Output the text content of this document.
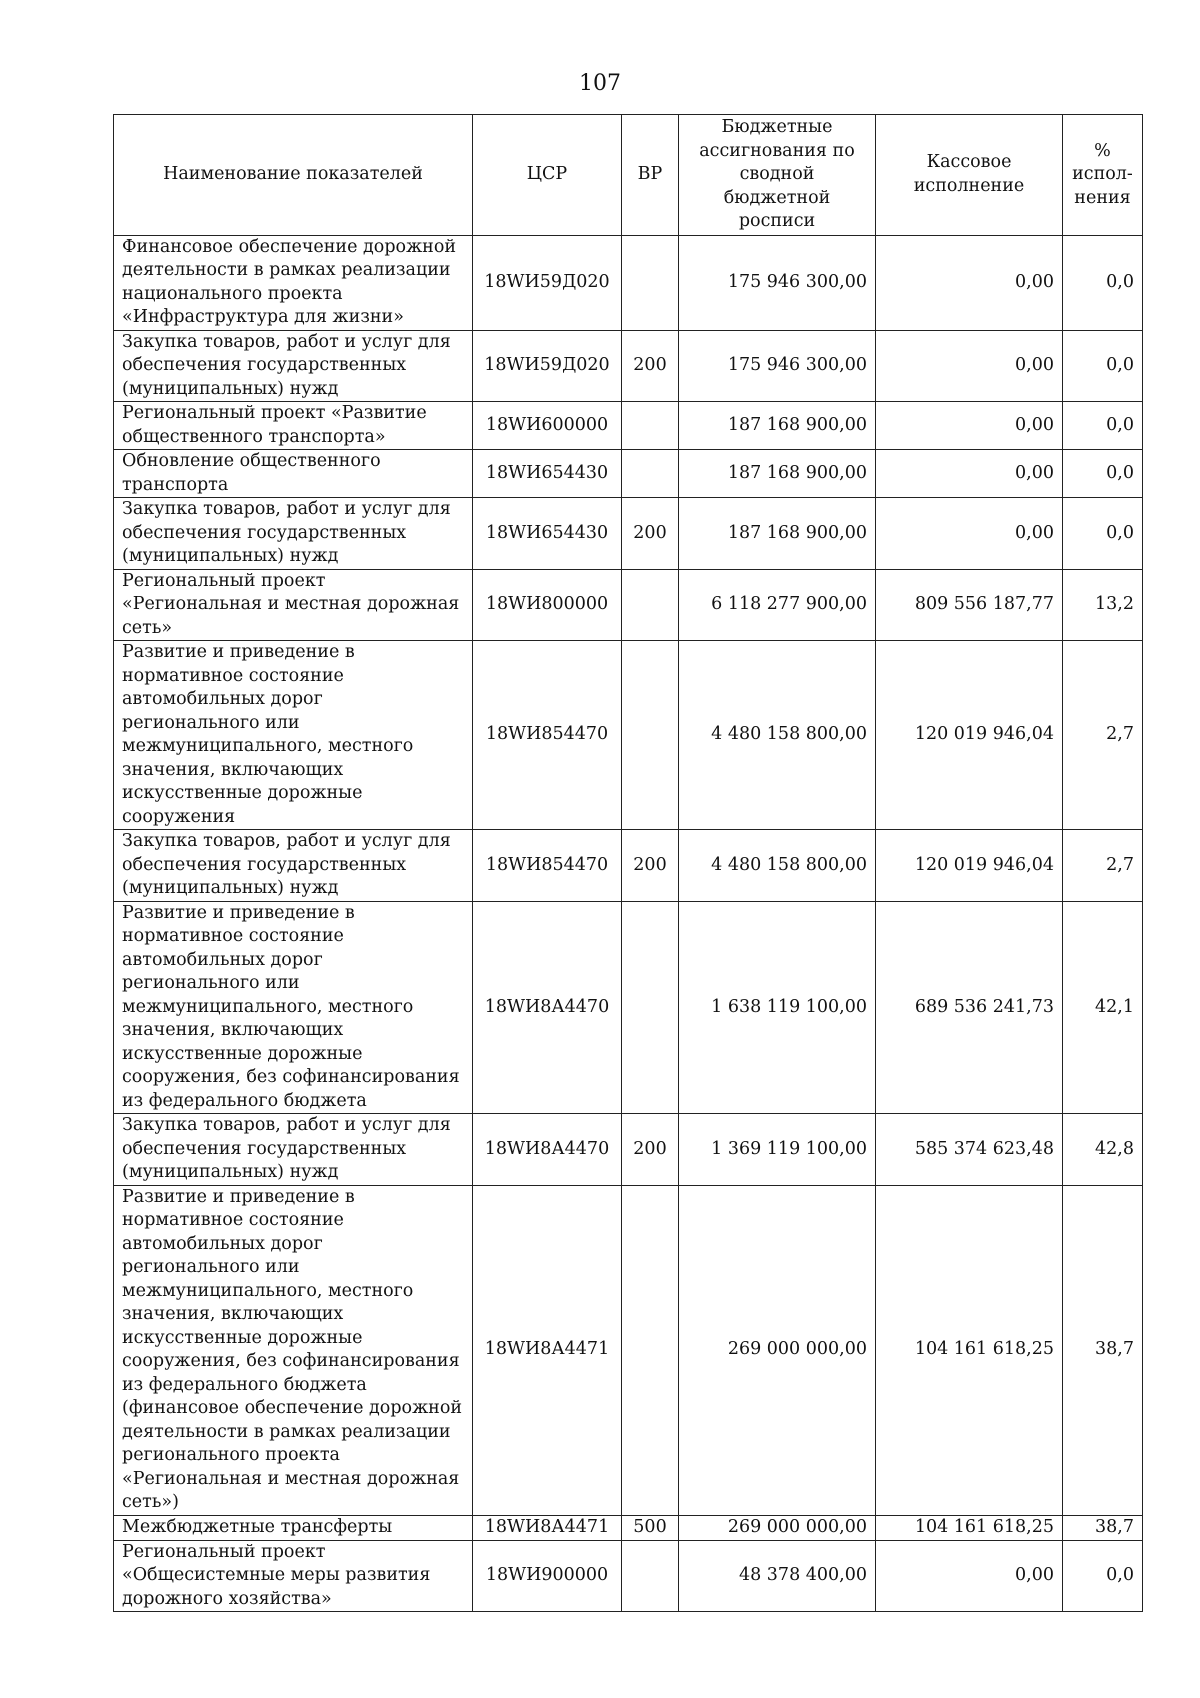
107
Наименование показателей	ЦСР	ВР	Бюджетные ассигнования по сводной бюджетной росписи	Кассовое исполнение	% испол-нения
Финансовое обеспечение дорожной деятельности в рамках реализации национального проекта «Инфраструктура для жизни»	18WИ59Д020		175 946 300,00	0,00	0,0
Закупка товаров, работ и услуг для обеспечения государственных (муниципальных) нужд	18WИ59Д020	200	175 946 300,00	0,00	0,0
Региональный проект «Развитие общественного транспорта»	18WИ600000		187 168 900,00	0,00	0,0
Обновление общественного транспорта	18WИ654430		187 168 900,00	0,00	0,0
Закупка товаров, работ и услуг для обеспечения государственных (муниципальных) нужд	18WИ654430	200	187 168 900,00	0,00	0,0
Региональный проект «Региональная и местная дорожная сеть»	18WИ800000		6 118 277 900,00	809 556 187,77	13,2
Развитие и приведение в нормативное состояние автомобильных дорог регионального или межмуниципального, местного значения, включающих искусственные дорожные сооружения	18WИ854470		4 480 158 800,00	120 019 946,04	2,7
Закупка товаров, работ и услуг для обеспечения государственных (муниципальных) нужд	18WИ854470	200	4 480 158 800,00	120 019 946,04	2,7
Развитие и приведение в нормативное состояние автомобильных дорог регионального или межмуниципального, местного значения, включающих искусственные дорожные сооружения, без софинансирования из федерального бюджета	18WИ8А4470		1 638 119 100,00	689 536 241,73	42,1
Закупка товаров, работ и услуг для обеспечения государственных (муниципальных) нужд	18WИ8А4470	200	1 369 119 100,00	585 374 623,48	42,8
Развитие и приведение в нормативное состояние автомобильных дорог регионального или межмуниципального, местного значения, включающих искусственные дорожные сооружения, без софинансирования из федерального бюджета (финансовое обеспечение дорожной деятельности в рамках реализации регионального проекта «Региональная и местная дорожная сеть»)	18WИ8А4471		269 000 000,00	104 161 618,25	38,7
Межбюджетные трансферты	18WИ8А4471	500	269 000 000,00	104 161 618,25	38,7
Региональный проект «Общесистемные меры развития дорожного хозяйства»	18WИ900000		48 378 400,00	0,00	0,0
